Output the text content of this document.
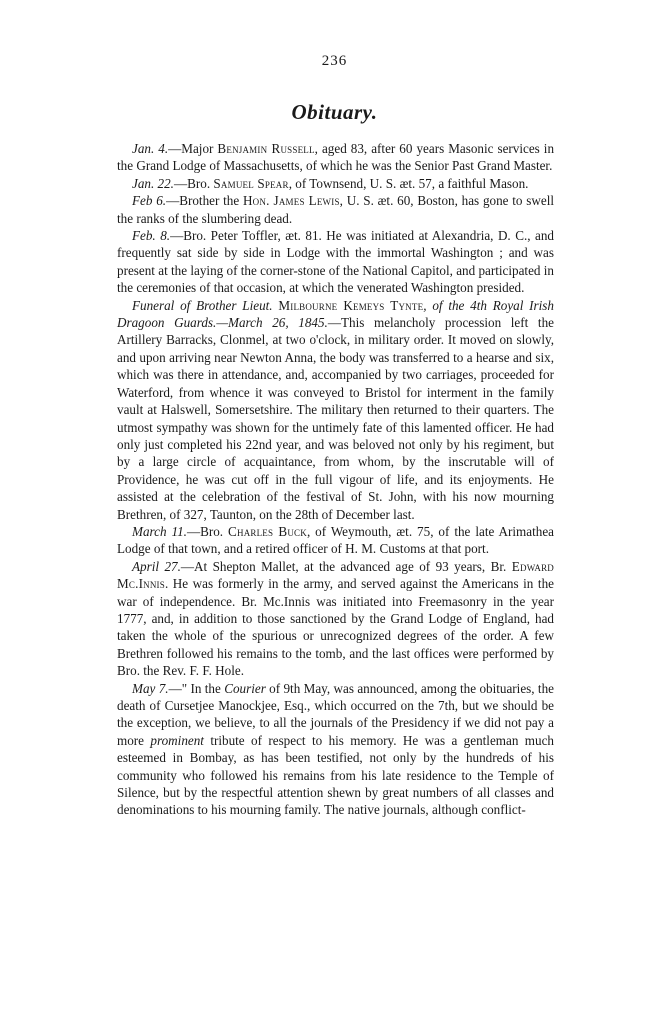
236
Obituary.

Jan. 4.—Major Benjamin Russell, aged 83, after 60 years Masonic services in the Grand Lodge of Massachusetts, of which he was the Senior Past Grand Master.

Jan. 22.—Bro. Samuel Spear, of Townsend, U. S. æt. 57, a faithful Mason.

Feb 6.—Brother the Hon. James Lewis, U. S. æt. 60, Boston, has gone to swell the ranks of the slumbering dead.

Feb. 8.—Bro. Peter Toffler, æt. 81. He was initiated at Alexandria, D. C., and frequently sat side by side in Lodge with the immortal Washington ; and was present at the laying of the corner-stone of the National Capitol, and participated in the ceremonies of that occasion, at which the venerated Washington presided.

Funeral of Brother Lieut. Milbourne Kemeys Tynte, of the 4th Royal Irish Dragoon Guards.—March 26, 1845.—This melancholy procession left the Artillery Barracks, Clonmel, at two o'clock, in military order. It moved on slowly, and upon arriving near Newton Anna, the body was transferred to a hearse and six, which was there in attendance, and, accompanied by two carriages, proceeded for Waterford, from whence it was conveyed to Bristol for interment in the family vault at Halswell, Somersetshire. The military then returned to their quarters. The utmost sympathy was shown for the untimely fate of this lamented officer. He had only just completed his 22nd year, and was beloved not only by his regiment, but by a large circle of acquaintance, from whom, by the inscrutable will of Providence, he was cut off in the full vigour of life, and its enjoyments. He assisted at the celebration of the festival of St. John, with his now mourning Brethren, of 327, Taunton, on the 28th of December last.

March 11.—Bro. Charles Buck, of Weymouth, æt. 75, of the late Arimathea Lodge of that town, and a retired officer of H. M. Customs at that port.

April 27.—At Shepton Mallet, at the advanced age of 93 years, Br. Edward Mc.Innis. He was formerly in the army, and served against the Americans in the war of independence. Br. Mc.Innis was initiated into Freemasonry in the year 1777, and, in addition to those sanctioned by the Grand Lodge of England, had taken the whole of the spurious or unrecognized degrees of the order. A few Brethren followed his remains to the tomb, and the last offices were performed by Bro. the Rev. F. F. Hole.

May 7.—" In the Courier of 9th May, was announced, among the obituaries, the death of Cursetjee Manockjee, Esq., which occurred on the 7th, but we should be the exception, we believe, to all the journals of the Presidency if we did not pay a more prominent tribute of respect to his memory. He was a gentleman much esteemed in Bombay, as has been testified, not only by the hundreds of his community who followed his remains from his late residence to the Temple of Silence, but by the respectful attention shewn by great numbers of all classes and denominations to his mourning family. The native journals, although conflict-
